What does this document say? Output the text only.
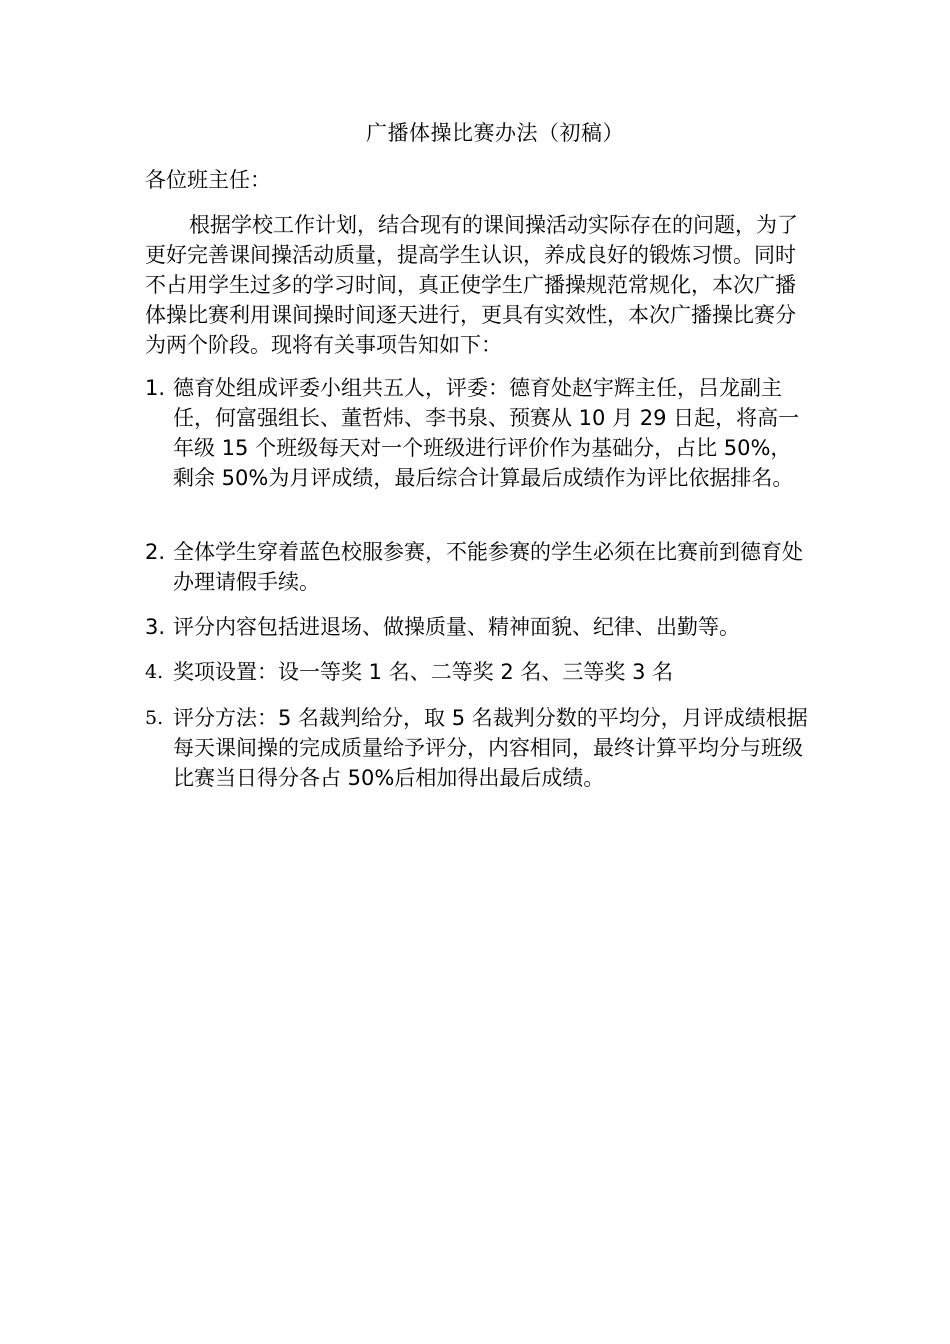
广播体操比赛办法（初稿）
各位班主任：
根据学校工作计划，结合现有的课间操活动实际存在的问题，为了更好完善课间操活动质量，提高学生认识，养成良好的锻炼习惯。同时不占用学生过多的学习时间，真正使学生广播操规范常规化，本次广播体操比赛利用课间操时间逐天进行，更具有实效性，本次广播操比赛分为两个阶段。现将有关事项告知如下：
1. 德育处组成评委小组共五人，评委：德育处赵宇辉主任，吕龙副主任，何富强组长、董哲炜、李书泉、预赛从 10 月 29 日起，将高一年级 15 个班级每天对一个班级进行评价作为基础分，占比 50%，剩余 50%为月评成绩，最后综合计算最后成绩作为评比依据排名。
2. 全体学生穿着蓝色校服参赛，不能参赛的学生必须在比赛前到德育处办理请假手续。
3. 评分内容包括进退场、做操质量、精神面貌、纪律、出勤等。
4. 奖项设置：设一等奖 1 名、二等奖 2 名、三等奖 3 名
5. 评分方法：5 名裁判给分，取 5 名裁判分数的平均分，月评成绩根据每天课间操的完成质量给予评分，内容相同，最终计算平均分与班级比赛当日得分各占 50%后相加得出最后成绩。
